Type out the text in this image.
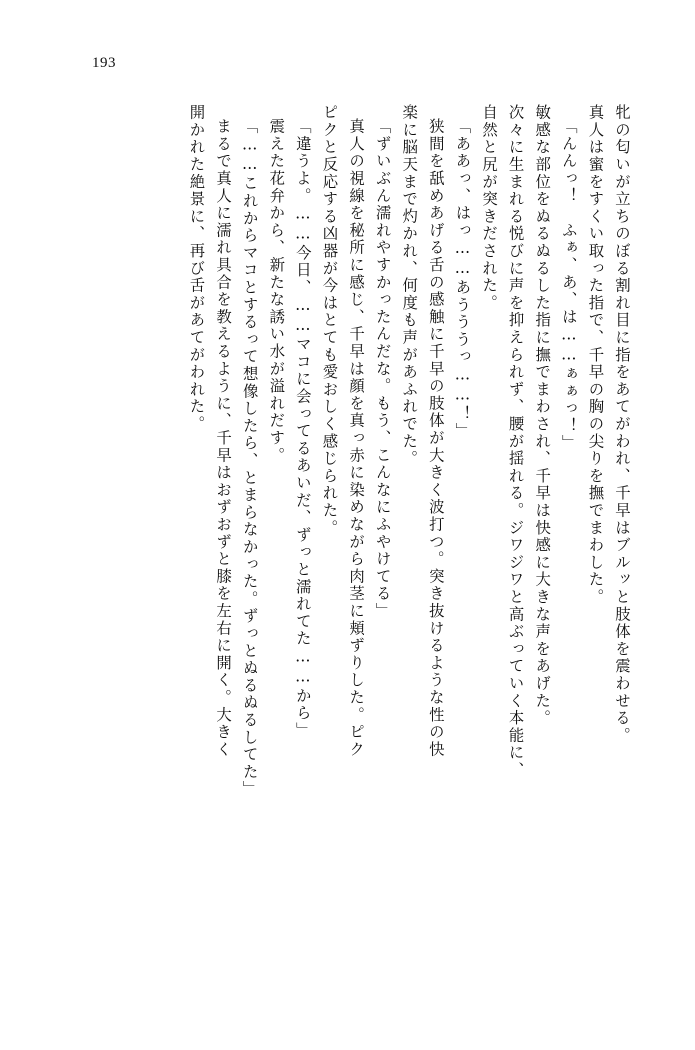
193
牝の匂いが立ちのぼる割れ目に指をあてがわれ、千早はブルッと肢体を震わせる。
真人は蜜をすくい取った指で、千早の胸の尖りを撫でまわした。
「んんっ！　ふぁ、あ、は……ぁぁっ！」
敏感な部位をぬるぬるした指に撫でまわされ、千早は快感に大きな声をあげた。
次々に生まれる悦びに声を抑えられず、腰が揺れる。ジワジワと高ぶっていく本能に、
自然と尻が突きだされた。
「ああっ、はっ……あうううっ……！」
狭間を舐めあげる舌の感触に千早の肢体が大きく波打つ。突き抜けるような性の快
楽に脳天まで灼かれ、何度も声があふれでた。
「ずいぶん濡れやすかったんだな。もう、こんなにふやけてる」
真人の視線を秘所に感じ、千早は顔を真っ赤に染めながら肉茎に頬ずりした。ピク
ピクと反応する凶器が今はとても愛おしく感じられた。
「違うよ。……今日、……マコに会ってるあいだ、ずっと濡れてた……から」
震えた花弁から、新たな誘い水が溢れだす。
「……これからマコとするって想像したら、とまらなかった。ずっとぬるぬるしてた」
まるで真人に濡れ具合を教えるように、千早はおずおずと膝を左右に開く。大きく
開かれた絶景に、再び舌があてがわれた。
